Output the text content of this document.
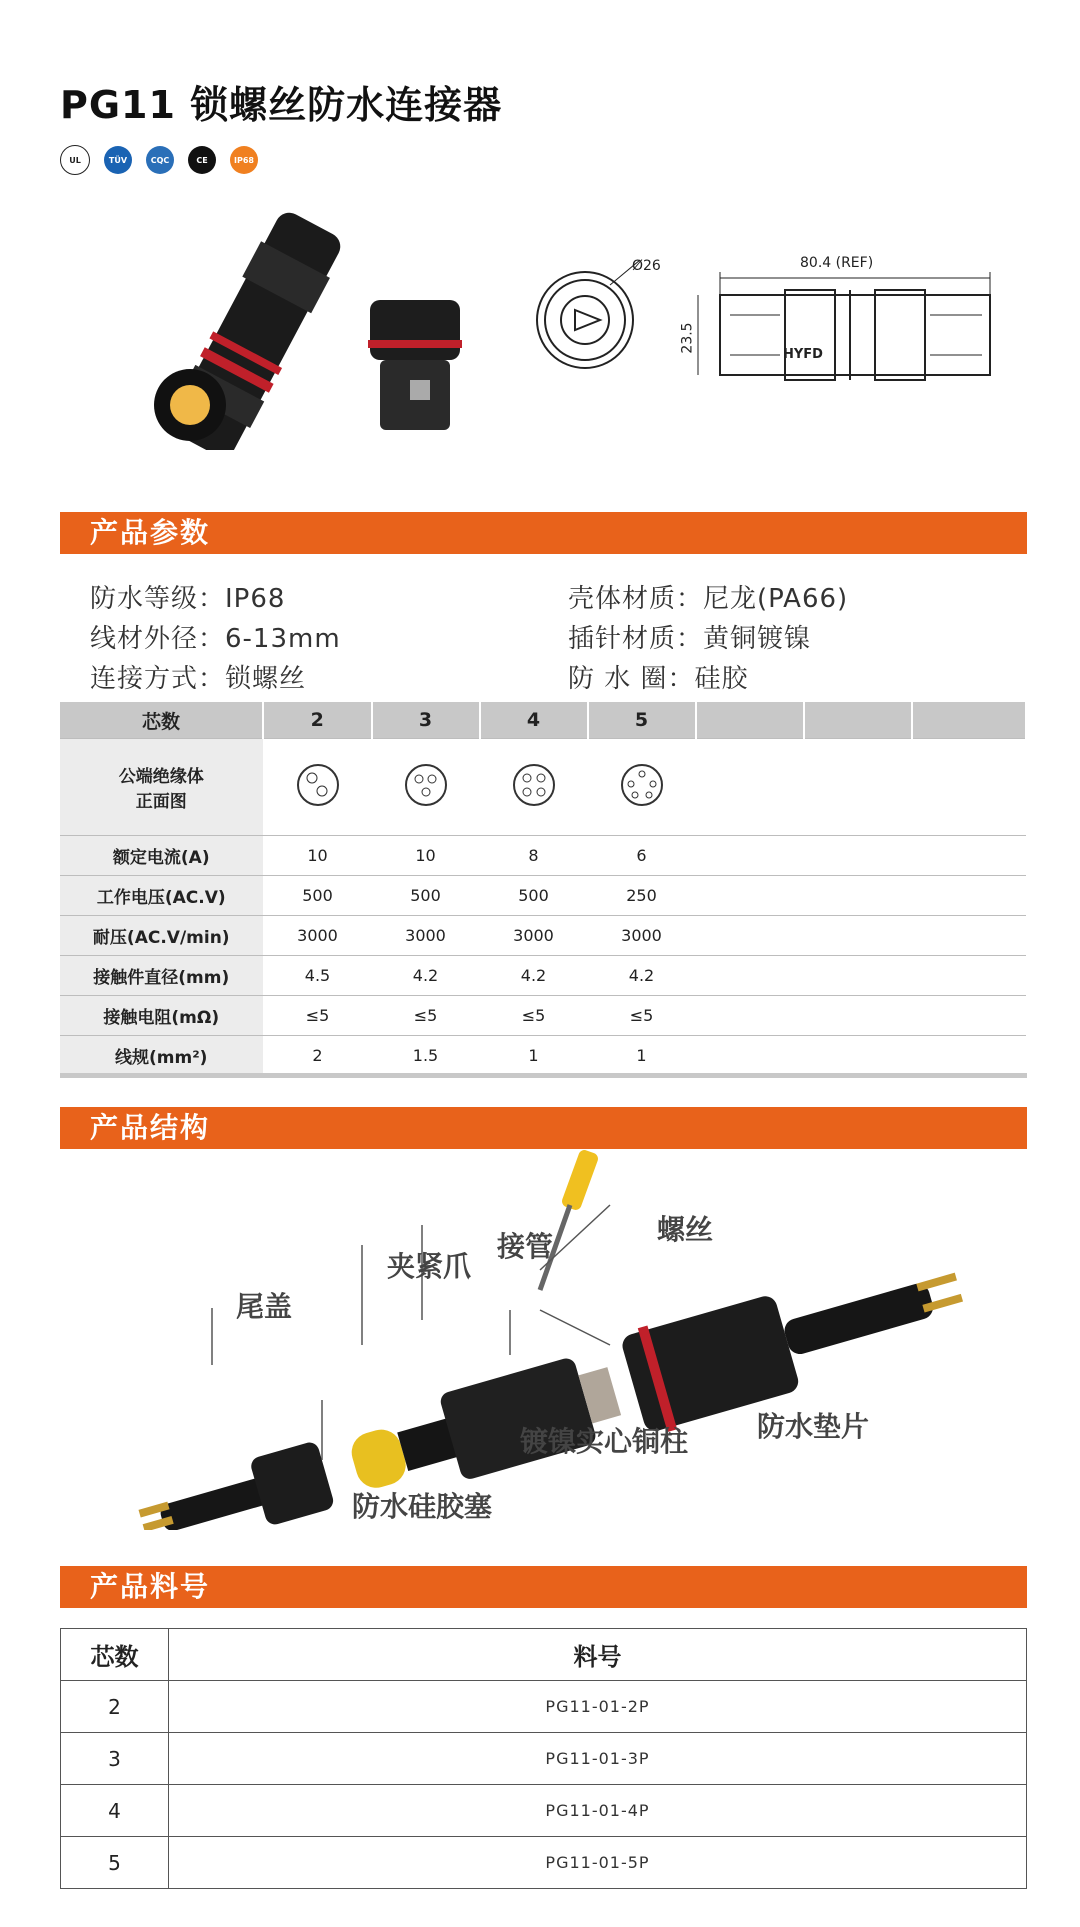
PG11 锁螺丝防水连接器
UL	TÜV	CQC	CE	IP68
Ø26	80.4 (REF)
23.5
HYFD
产品参数
防水等级：IP68
线材外径：6-13mm
连接方式：锁螺丝
壳体材质：尼龙(PA66)
插针材质：黄铜镀镍
防 水 圈：硅胶
芯数	2	3	4	5			

公端绝缘体
正面图

额定电流(A)	10	10	8	6			
工作电压(AC.V)	500	500	500	250			
耐压(AC.V/min)	3000	3000	3000	3000			
接触件直径(mm)	4.5	4.2	4.2	4.2			
接触电阻(mΩ)	≤5	≤5	≤5	≤5			
线规(mm²)	2	1.5	1	1			
产品结构
尾盖
夹紧爪
接管
螺丝
防水硅胶塞
镀镍实心铜柱 防水垫片
产品料号
芯数	料号
2	PG11-01-2P
3	PG11-01-3P
4	PG11-01-4P
5	PG11-01-5P
